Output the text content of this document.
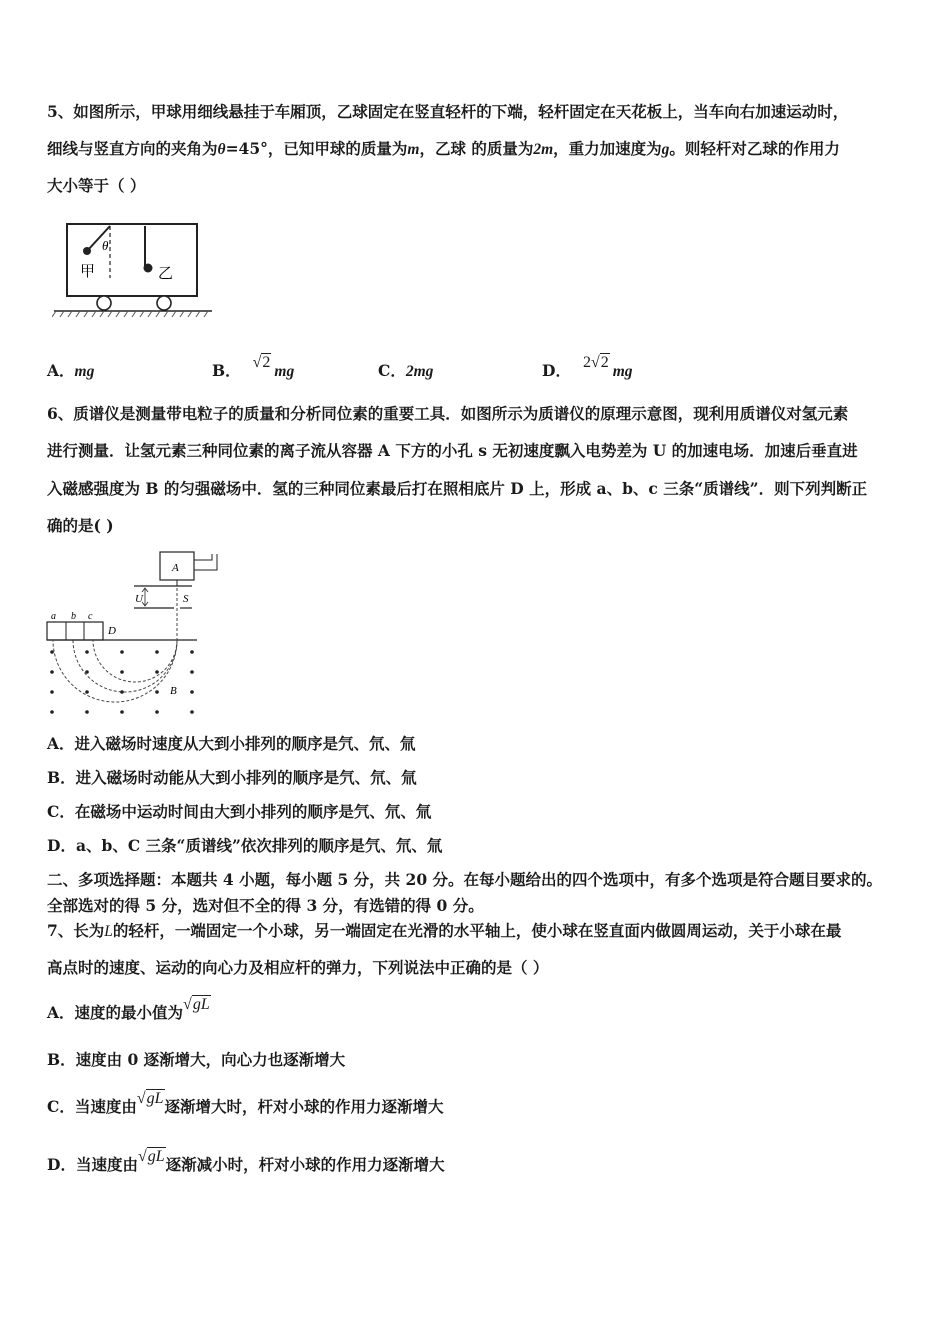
5、如图所示，甲球用细线悬挂于车厢顶，乙球固定在竖直轻杆的下端，轻杆固定在天花板上，当车向右加速运动时，
细线与竖直方向的夹角为θ=45°，已知甲球的质量为m，乙球 的质量为2m，重力加速度为g。则轻杆对乙球的作用力
大小等于（ ）
θ
甲	乙
A．mg	B． √2mg	C．2mg	D． 2√2mg
6、质谱仪是测量带电粒子的质量和分析同位素的重要工具．如图所示为质谱仪的原理示意图，现利用质谱仪对氢元素
进行测量．让氢元素三种同位素的离子流从容器 A 下方的小孔 s 无初速度飘入电势差为 U 的加速电场．加速后垂直进
入磁感强度为 B 的匀强磁场中．氢的三种同位素最后打在照相底片 D 上，形成 a、b、c 三条“质谱线”．则下列判断正
确的是( )
A
U	S
a b c
D
B
A．进入磁场时速度从大到小排列的顺序是氕、氘、氚
B．进入磁场时动能从大到小排列的顺序是氕、氘、氚
C．在磁场中运动时间由大到小排列的顺序是氕、氘、氚
D．a、b、C 三条“质谱线”依次排列的顺序是氕、氘、氚
二、多项选择题：本题共 4 小题，每小题 5 分，共 20 分。在每小题给出的四个选项中，有多个选项是符合题目要求的。
全部选对的得 5 分，选对但不全的得 3 分，有选错的得 0 分。
7、长为L的轻杆，一端固定一个小球，另一端固定在光滑的水平轴上，使小球在竖直面内做圆周运动，关于小球在最
高点时的速度、运动的向心力及相应杆的弹力，下列说法中正确的是（ ）
A．速度的最小值为√gL
B．速度由 0 逐渐增大，向心力也逐渐增大
C．当速度由√gL逐渐增大时，杆对小球的作用力逐渐增大
D．当速度由√gL逐渐减小时，杆对小球的作用力逐渐增大
